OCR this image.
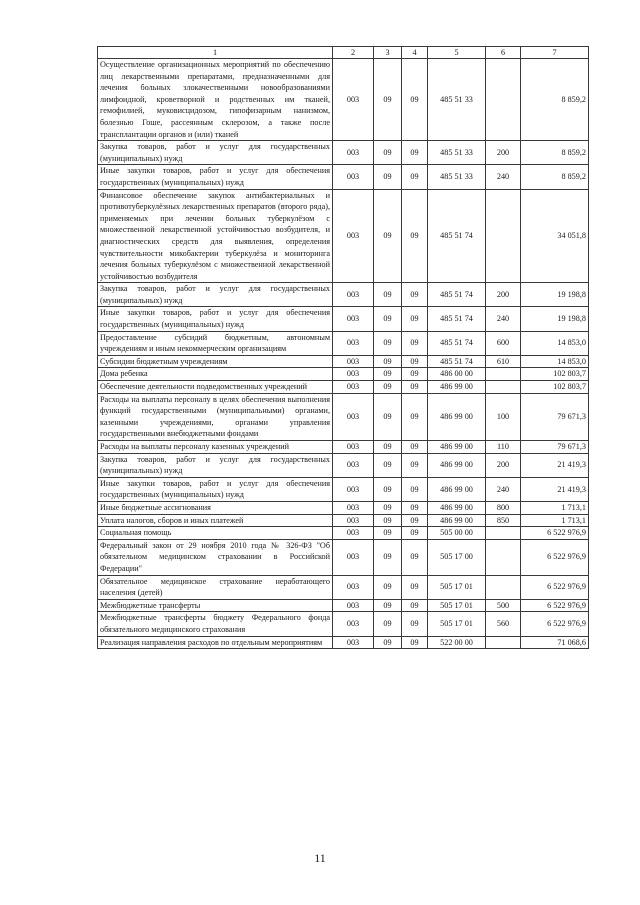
1	2	3	4	5	6	7
Осуществление организационных мероприятий по обеспечению лиц лекарственными препаратами, предназначенными для лечения больных злокачественными новообразованиями лимфоидной, кроветворной и родственных им тканей, гемофилией, муковисцидозом, гипофизарным нанизмом, болезнью Гоше, рассеянным склерозом, а также после трансплантации органов и (или) тканей	003	09	09	485 51 33		8 859,2
Закупка товаров, работ и услуг для государственных (муниципальных) нужд	003	09	09	485 51 33	200	8 859,2
Иные закупки товаров, работ и услуг для обеспечения государственных (муниципальных) нужд	003	09	09	485 51 33	240	8 859,2
Финансовое обеспечение закупок антибактериальных и противотуберкулёзных лекарственных препаратов (второго ряда), применяемых при лечении больных туберкулёзом с множественной лекарственной устойчивостью возбудителя, и диагностических средств для выявления, определения чувствительности микобактерии туберкулёза и мониторинга лечения больных туберкулёзом с множественной лекарственной устойчивостью возбудителя	003	09	09	485 51 74		34 051,8
Закупка товаров, работ и услуг для государственных (муниципальных) нужд	003	09	09	485 51 74	200	19 198,8
Иные закупки товаров, работ и услуг для обеспечения государственных (муниципальных) нужд	003	09	09	485 51 74	240	19 198,8
Предоставление субсидий бюджетным, автономным учреждениям и иным некоммерческим организациям	003	09	09	485 51 74	600	14 853,0
Субсидии бюджетным учреждениям	003	09	09	485 51 74	610	14 853,0
Дома ребенка	003	09	09	486 00 00		102 803,7
Обеспечение деятельности подведомственных учреждений	003	09	09	486 99 00		102 803,7
Расходы на выплаты персоналу в целях обеспечения выполнения функций государственными (муниципальными) органами, казенными учреждениями, органами управления государственными внебюджетными фондами	003	09	09	486 99 00	100	79 671,3
Расходы на выплаты персоналу казенных учреждений	003	09	09	486 99 00	110	79 671,3
Закупка товаров, работ и услуг для государственных (муниципальных) нужд	003	09	09	486 99 00	200	21 419,3
Иные закупки товаров, работ и услуг для обеспечения государственных (муниципальных) нужд	003	09	09	486 99 00	240	21 419,3
Иные бюджетные ассигнования	003	09	09	486 99 00	800	1 713,1
Уплата налогов, сборов и иных платежей	003	09	09	486 99 00	850	1 713,1
Социальная помощь	003	09	09	505 00 00		6 522 976,9
Федеральный закон от 29 ноября 2010 года № 326-ФЗ "Об обязательном медицинском страховании в Российской Федерации"	003	09	09	505 17 00		6 522 976,9
Обязательное медицинское страхование неработающего населения (детей)	003	09	09	505 17 01		6 522 976,9
Межбюджетные трансферты	003	09	09	505 17 01	500	6 522 976,9
Межбюджетные трансферты бюджету Федерального фонда обязательного медицинского страхования	003	09	09	505 17 01	560	6 522 976,9
Реализация направления расходов по отдельным мероприятиям	003	09	09	522 00 00		71 068,6
11
